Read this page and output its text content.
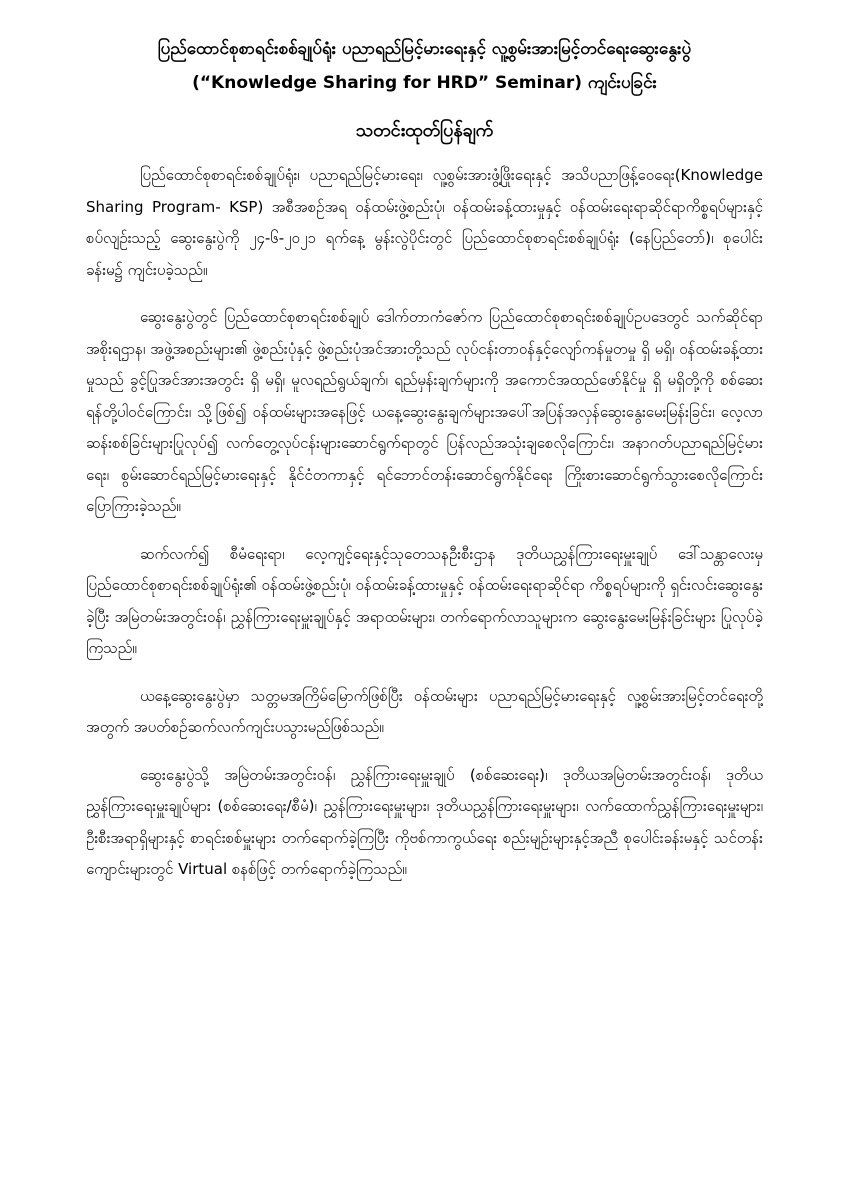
ပြည်ထောင်စုစာရင်းစစ်ချုပ်ရုံး ပညာရည်မြင့်မားရေးနှင့် လူ့စွမ်းအားမြင့်တင်ရေးဆွေးနွေးပွဲ

(“Knowledge Sharing for HRD” Seminar) ကျင်းပခြင်း

သတင်းထုတ်ပြန်ချက်

ပြည်ထောင်စုစာရင်းစစ်ချုပ်ရုံး၊ ပညာရည်မြင့်မားရေး၊ လူ့စွမ်းအားဖွံ့ဖြိုးရေးနှင့် အသိပညာဖြန့်ဝေရေး(Knowledge Sharing Program- KSP) အစီအစဉ်အရ ဝန်ထမ်းဖွဲ့စည်းပုံ၊ ဝန်ထမ်းခန့်ထားမှုနှင့် ဝန်ထမ်းရေးရာဆိုင်ရာကိစ္စရပ်များနှင့်စပ်လျဉ်းသည့် ဆွေးနွေးပွဲကို ၂၄-၆-၂၀၂၁ ရက်နေ့ မွန်းလွဲပိုင်းတွင် ပြည်ထောင်စုစာရင်းစစ်ချုပ်ရုံး (နေပြည်တော်)၊ စုပေါင်းခန်းမ၌ ကျင်းပခဲ့သည်။

ဆွေးနွေးပွဲတွင် ပြည်ထောင်စုစာရင်းစစ်ချုပ် ဒေါက်တာကံဇော်က ပြည်ထောင်စုစာရင်းစစ်ချုပ်ဥပဒေတွင် သက်ဆိုင်ရာအစိုးရဌာန၊ အဖွဲ့အစည်းများ၏ ဖွဲ့စည်းပုံနှင့် ဖွဲ့စည်းပုံအင်အားတို့သည် လုပ်ငန်းတာဝန်နှင့်လျော်ကန်မှုတမှု ရှိ မရှိ၊ ဝန်ထမ်းခန့်ထားမှုသည် ခွင့်ပြုအင်အားအတွင်း ရှိ မရှိ၊ မူလရည်ရွယ်ချက်၊ ရည်မှန်းချက်များကို အကောင်အထည်ဖော်နိုင်မှု ရှိ မရှိတို့ကို စစ်ဆေးရန်တို့ပါဝင်ကြောင်း၊ သို့ဖြစ်၍ ဝန်ထမ်းများအနေဖြင့် ယနေ့ဆွေးနွေးချက်များအပေါ်အပြန်အလှန်ဆွေးနွေးမေးမြန်းခြင်း၊ လေ့လာဆန်းစစ်ခြင်းများပြုလုပ်၍ လက်တွေ့လုပ်ငန်းများဆောင်ရွက်ရာတွင် ပြန်လည်အသုံးချစေလိုကြောင်း၊ အနာဂတ်ပညာရည်မြင့်မားရေး၊ စွမ်းဆောင်ရည်မြင့်မားရေးနှင့် နိုင်ငံတကာနှင့် ရင်ဘောင်တန်းဆောင်ရွက်နိုင်ရေး ကြိုးစားဆောင်ရွက်သွားစေလိုကြောင်း ပြောကြားခဲ့သည်။

ဆက်လက်၍ စီမံရေးရာ၊ လေ့ကျင့်ရေးနှင့်သုတေသနဦးစီးဌာန ဒုတိယညွှန်ကြားရေးမှူးချုပ် ဒေါ်သန္တာလေးမှ ပြည်ထောင်စုစာရင်းစစ်ချုပ်ရုံး၏ ဝန်ထမ်းဖွဲ့စည်းပုံ၊ ဝန်ထမ်းခန့်ထားမှုနှင့် ဝန်ထမ်းရေးရာဆိုင်ရာ ကိစ္စရပ်များကို ရှင်းလင်းဆွေးနွေးခဲ့ပြီး အမြဲတမ်းအတွင်းဝန်၊ ညွှန်ကြားရေးမှူးချုပ်နှင့် အရာထမ်းများ၊ တက်ရောက်လာသူများက ဆွေးနွေးမေးမြန်းခြင်းများ ပြုလုပ်ခဲ့ကြသည်။

ယနေ့ဆွေးနွေးပွဲမှာ သတ္တမအကြိမ်မြောက်ဖြစ်ပြီး ဝန်ထမ်းများ ပညာရည်မြင့်မားရေးနှင့် လူ့စွမ်းအားမြင့်တင်ရေးတို့အတွက် အပတ်စဉ်ဆက်လက်ကျင်းပသွားမည်ဖြစ်သည်။

ဆွေးနွေးပွဲသို့ အမြဲတမ်းအတွင်းဝန်၊ ညွှန်ကြားရေးမှူးချုပ် (စစ်ဆေးရေး)၊ ဒုတိယအမြဲတမ်းအတွင်းဝန်၊ ဒုတိယညွှန်ကြားရေးမှူးချုပ်များ (စစ်ဆေးရေး/စီမံ)၊ ညွှန်ကြားရေးမှူးများ၊ ဒုတိယညွှန်ကြားရေးမှူးများ၊ လက်ထောက်ညွှန်ကြားရေးမှူးများ၊ ဦးစီးအရာရှိများနှင့် စာရင်းစစ်မှူးများ တက်ရောက်ခဲ့ကြပြီး ကိုဗစ်ကာကွယ်ရေး စည်းမျဉ်းများနှင့်အညီ စုပေါင်းခန်းမနှင့် သင်တန်းကျောင်းများတွင် Virtual စနစ်ဖြင့် တက်ရောက်ခဲ့ကြသည်။
